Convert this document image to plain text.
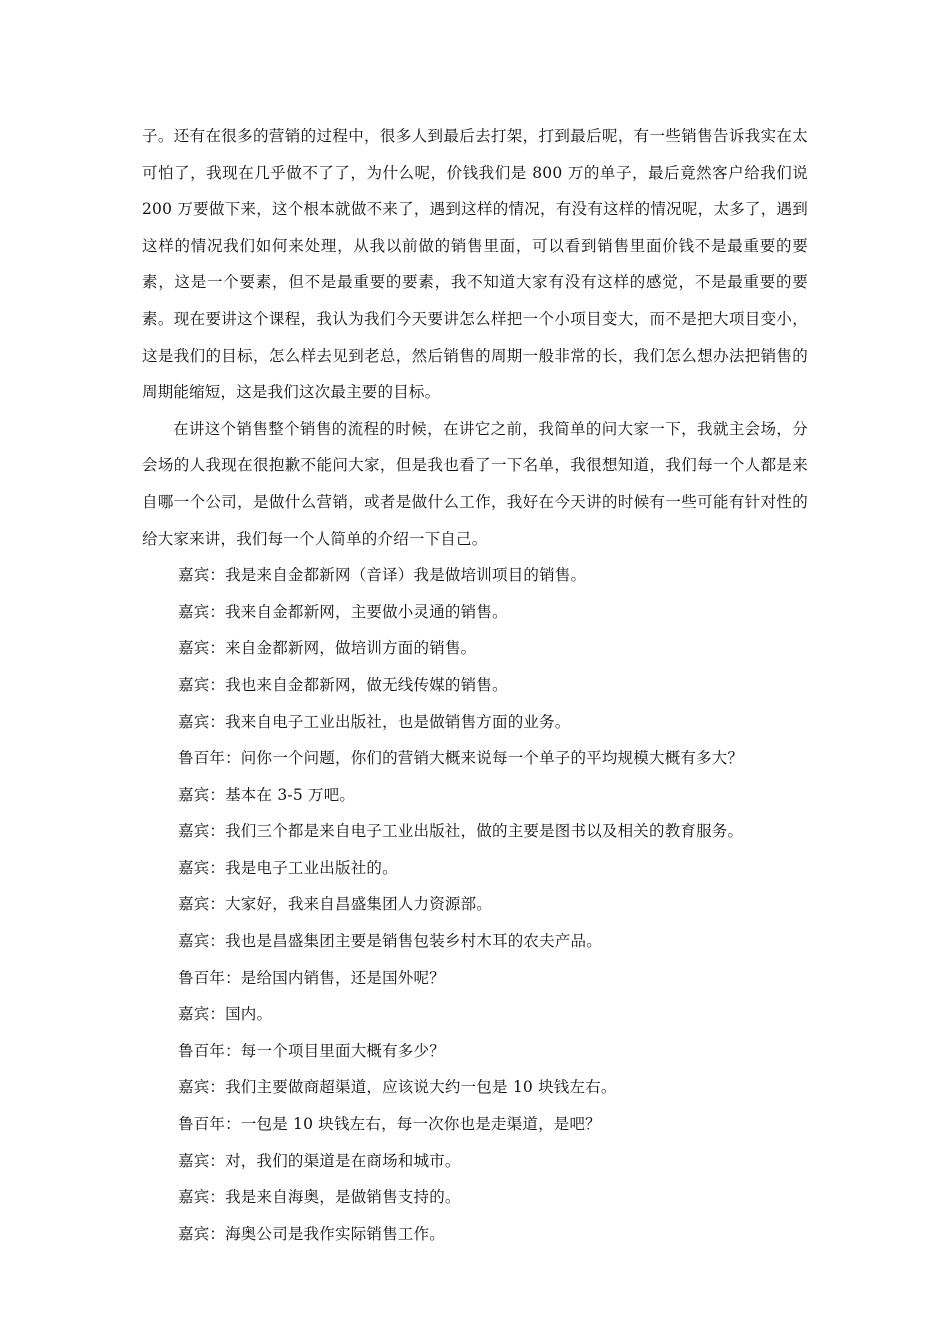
子。还有在很多的营销的过程中，很多人到最后去打架，打到最后呢，有一些销售告诉我实在太可怕了，我现在几乎做不了了，为什么呢，价钱我们是 800 万的单子，最后竟然客户给我们说 200 万要做下来，这个根本就做不来了，遇到这样的情况，有没有这样的情况呢，太多了，遇到这样的情况我们如何来处理，从我以前做的销售里面，可以看到销售里面价钱不是最重要的要素，这是一个要素，但不是最重要的要素，我不知道大家有没有这样的感觉，不是最重要的要素。现在要讲这个课程，我认为我们今天要讲怎么样把一个小项目变大，而不是把大项目变小，这是我们的目标，怎么样去见到老总，然后销售的周期一般非常的长，我们怎么想办法把销售的周期能缩短，这是我们这次最主要的目标。

在讲这个销售整个销售的流程的时候，在讲它之前，我简单的问大家一下，我就主会场，分会场的人我现在很抱歉不能问大家，但是我也看了一下名单，我很想知道，我们每一个人都是来自哪一个公司，是做什么营销，或者是做什么工作，我好在今天讲的时候有一些可能有针对性的给大家来讲，我们每一个人简单的介绍一下自己。

嘉宾：我是来自金都新网（音译）我是做培训项目的销售。

嘉宾：我来自金都新网，主要做小灵通的销售。

嘉宾：来自金都新网，做培训方面的销售。

嘉宾：我也来自金都新网，做无线传媒的销售。

嘉宾：我来自电子工业出版社，也是做销售方面的业务。

鲁百年：问你一个问题，你们的营销大概来说每一个单子的平均规模大概有多大？

嘉宾：基本在 3-5 万吧。

嘉宾：我们三个都是来自电子工业出版社，做的主要是图书以及相关的教育服务。

嘉宾：我是电子工业出版社的。

嘉宾：大家好，我来自昌盛集团人力资源部。

嘉宾：我也是昌盛集团主要是销售包装乡村木耳的农夫产品。

鲁百年：是给国内销售，还是国外呢？

嘉宾：国内。

鲁百年：每一个项目里面大概有多少？

嘉宾：我们主要做商超渠道，应该说大约一包是 10 块钱左右。

鲁百年：一包是 10 块钱左右，每一次你也是走渠道，是吧？

嘉宾：对，我们的渠道是在商场和城市。

嘉宾：我是来自海奥，是做销售支持的。

嘉宾：海奥公司是我作实际销售工作。
